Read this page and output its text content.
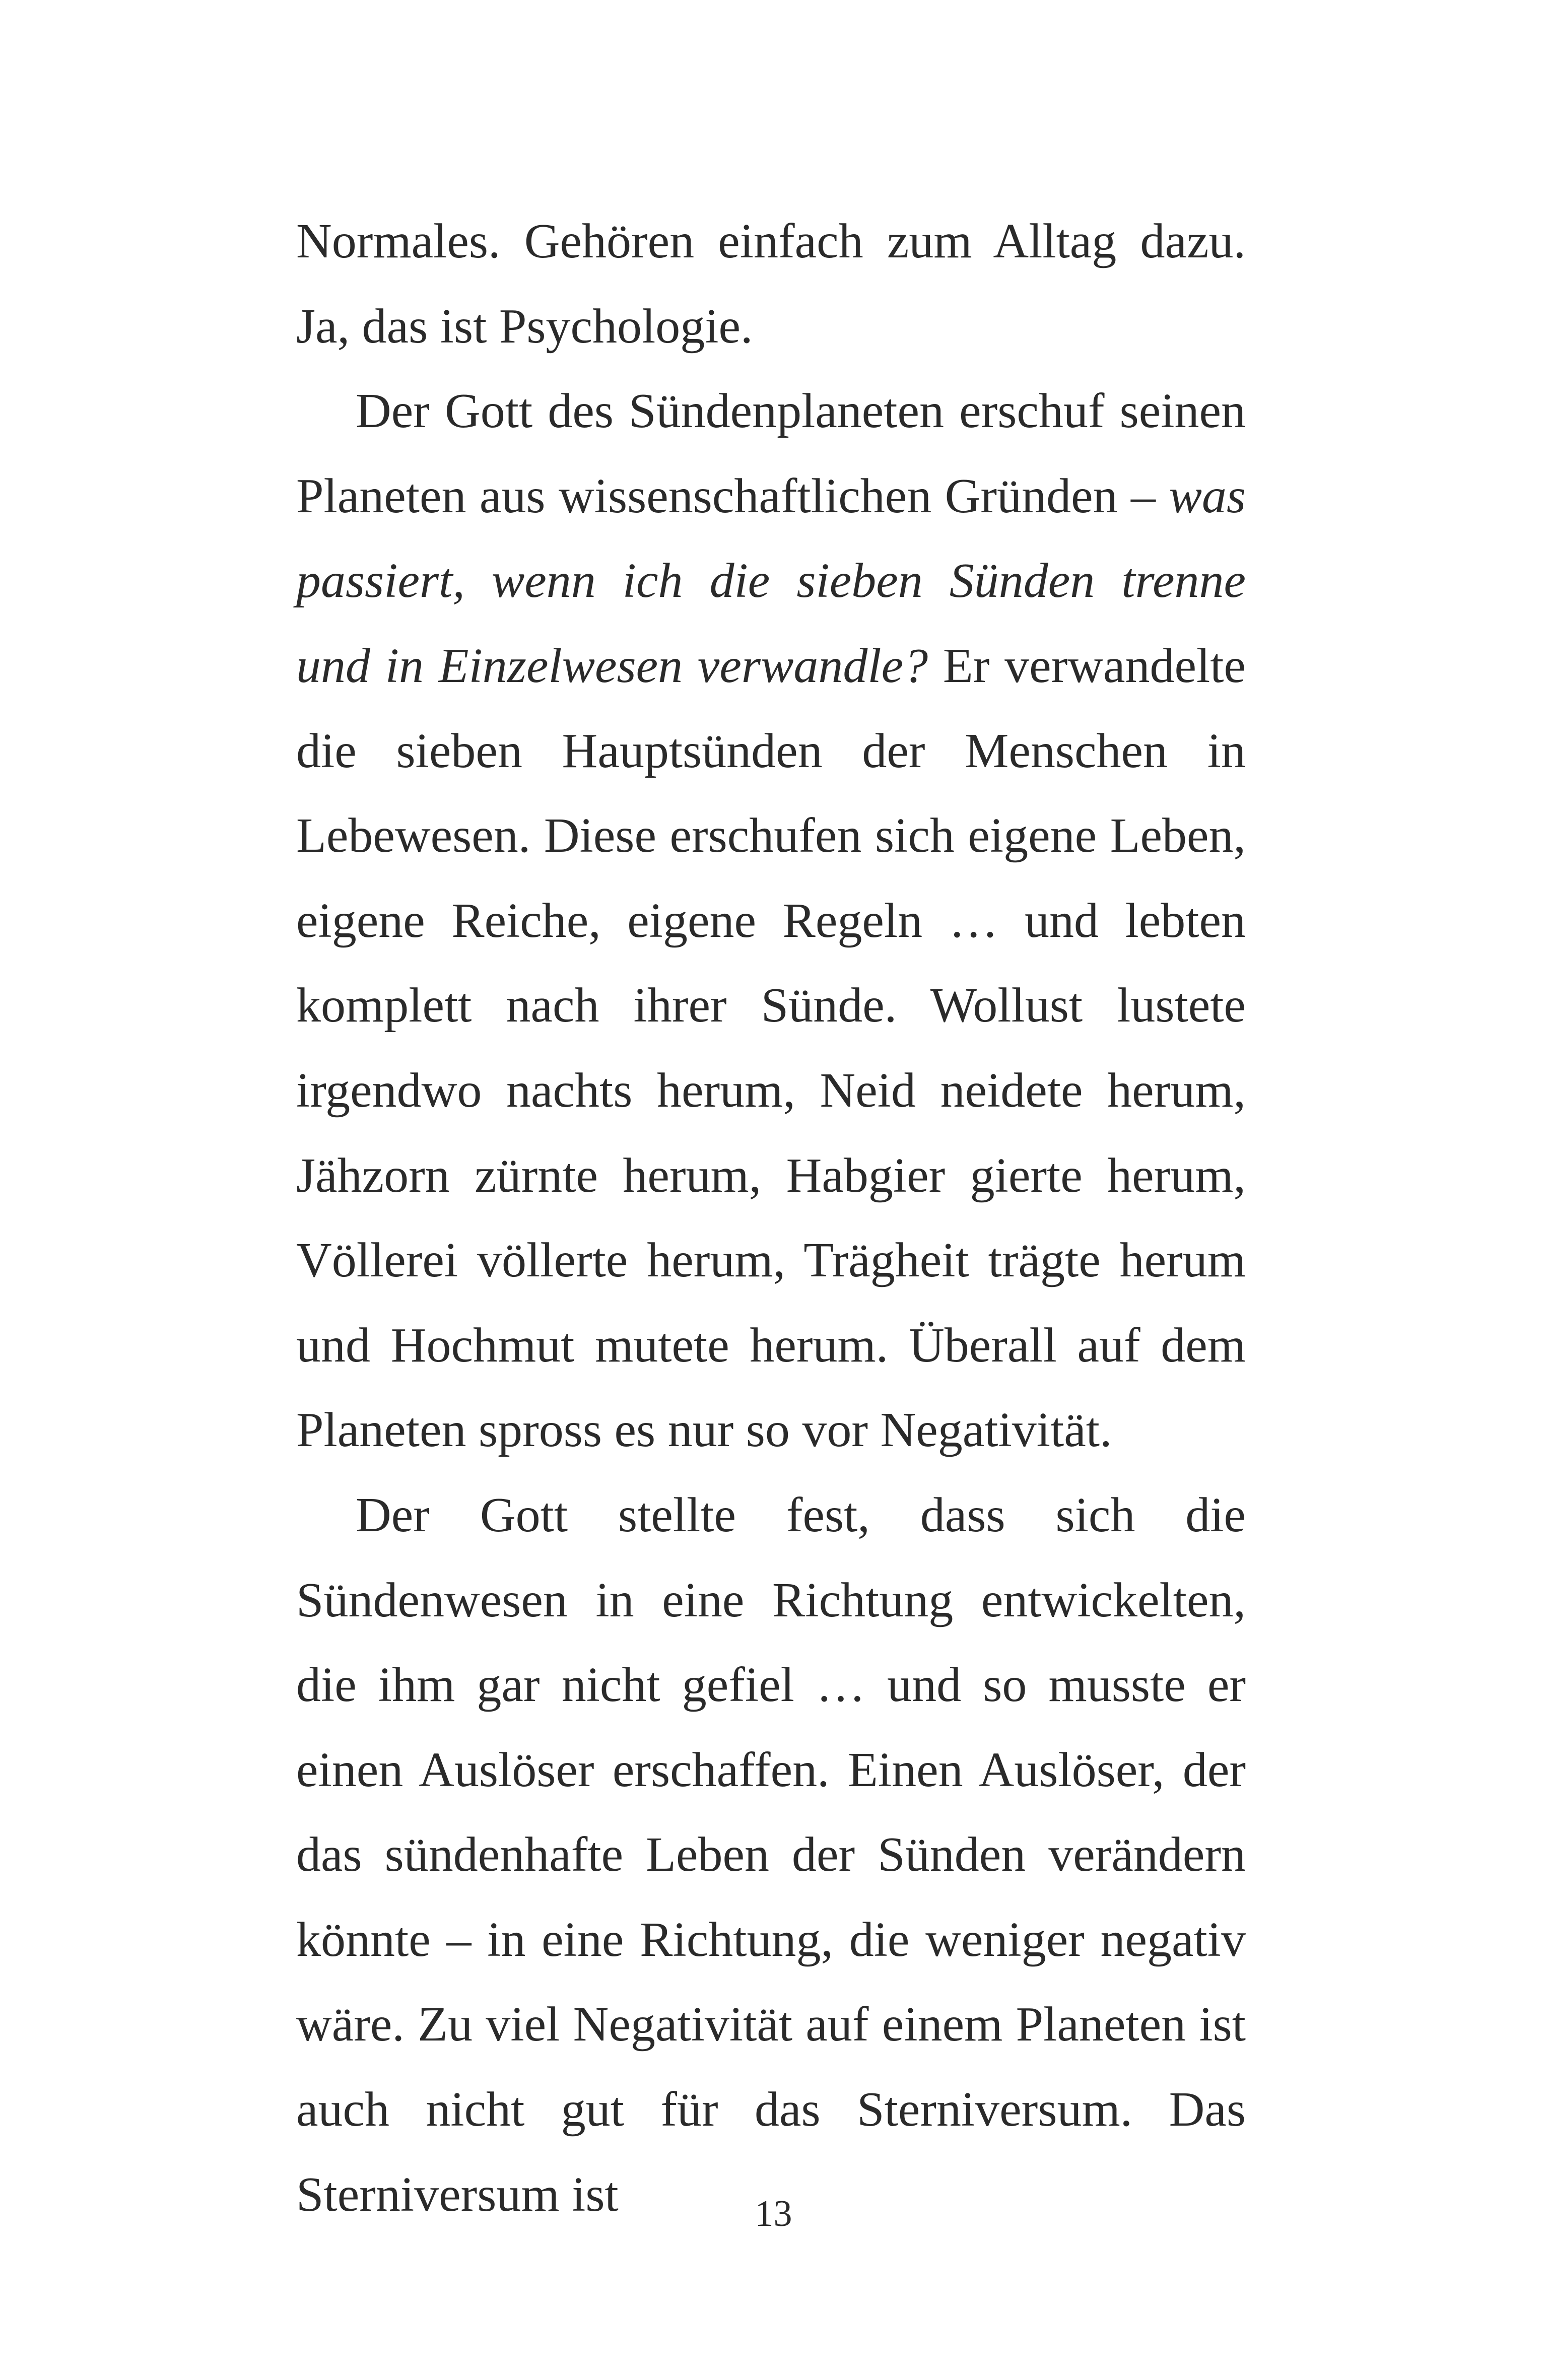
Normales. Gehören einfach zum Alltag dazu. Ja, das ist Psychologie.

Der Gott des Sündenplaneten erschuf seinen Planeten aus wissenschaftlichen Gründen – was passiert, wenn ich die sieben Sünden trenne und in Einzelwesen verwandle? Er verwandelte die sieben Hauptsünden der Menschen in Lebewesen. Diese erschufen sich eigene Leben, eigene Reiche, eigene Regeln … und lebten komplett nach ihrer Sünde. Wollust lustete irgendwo nachts herum, Neid neidete herum, Jähzorn zürnte herum, Habgier gierte herum, Völlerei völlerte herum, Trägheit trägte herum und Hochmut mutete herum. Überall auf dem Planeten spross es nur so vor Negativität.

Der Gott stellte fest, dass sich die Sündenwesen in eine Richtung entwickelten, die ihm gar nicht gefiel … und so musste er einen Auslöser erschaffen. Einen Auslöser, der das sündenhafte Leben der Sünden verändern könnte – in eine Richtung, die weniger negativ wäre. Zu viel Negativität auf einem Planeten ist auch nicht gut für das Sterniversum. Das Sterniversum ist	13
